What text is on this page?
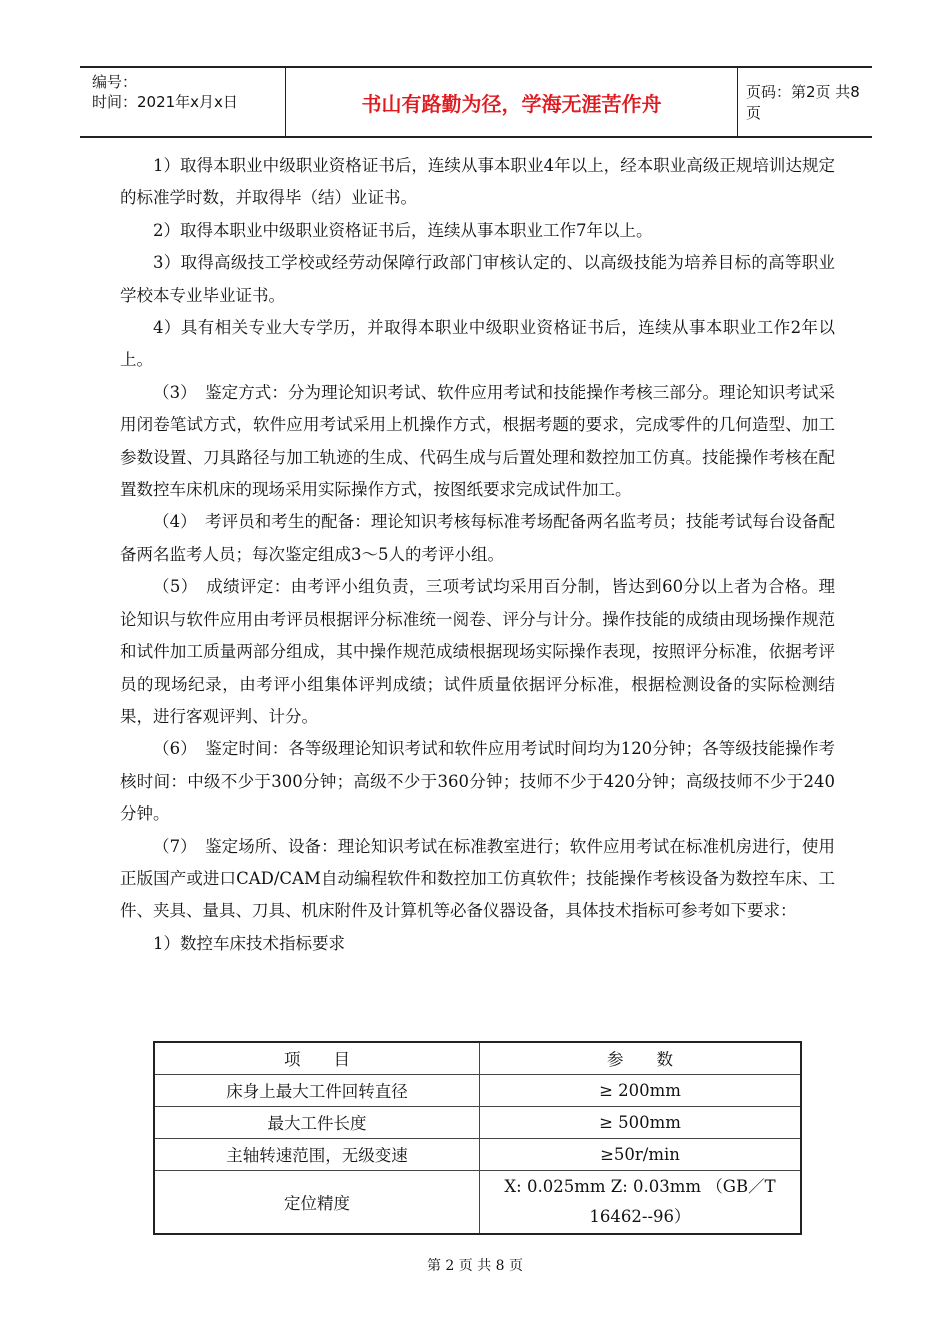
编号：
时间：2021年x月x日	书山有路勤为径，学海无涯苦作舟	页码：第2页 共8页

1）取得本职业中级职业资格证书后，连续从事本职业4年以上，经本职业高级正规培训达规定的标准学时数，并取得毕（结）业证书。

2）取得本职业中级职业资格证书后，连续从事本职业工作7年以上。

3）取得高级技工学校或经劳动保障行政部门审核认定的、以高级技能为培养目标的高等职业学校本专业毕业证书。

4）具有相关专业大专学历，并取得本职业中级职业资格证书后，连续从事本职业工作2年以上。

（3）　鉴定方式：分为理论知识考试、软件应用考试和技能操作考核三部分。理论知识考试采用闭卷笔试方式，软件应用考试采用上机操作方式，根据考题的要求，完成零件的几何造型、加工参数设置、刀具路径与加工轨迹的生成、代码生成与后置处理和数控加工仿真。技能操作考核在配置数控车床机床的现场采用实际操作方式，按图纸要求完成试件加工。

（4）　考评员和考生的配备：理论知识考核每标准考场配备两名监考员；技能考试每台设备配备两名监考人员；每次鉴定组成3～5人的考评小组。

（5）　成绩评定：由考评小组负责，三项考试均采用百分制，皆达到60分以上者为合格。理论知识与软件应用由考评员根据评分标准统一阅卷、评分与计分。操作技能的成绩由现场操作规范和试件加工质量两部分组成，其中操作规范成绩根据现场实际操作表现，按照评分标准，依据考评员的现场纪录，由考评小组集体评判成绩；试件质量依据评分标准，根据检测设备的实际检测结果，进行客观评判、计分。

（6）　鉴定时间：各等级理论知识考试和软件应用考试时间均为120分钟；各等级技能操作考核时间：中级不少于300分钟；高级不少于360分钟；技师不少于420分钟；高级技师不少于240分钟。

（7）　鉴定场所、设备：理论知识考试在标准教室进行；软件应用考试在标准机房进行，使用正版国产或进口CAD/CAM自动编程软件和数控加工仿真软件；技能操作考核设备为数控车床、工件、夹具、量具、刀具、机床附件及计算机等必备仪器设备，具体技术指标可参考如下要求：

1）数控车床技术指标要求

项　　目	参　　数
床身上最大工件回转直径	≥ 200mm
最大工件长度	≥ 500mm
主轴转速范围，无级变速	≥50r/min
定位精度	X: 0.025mm Z: 0.03mm （GB／T 16462--96）
第 2 页 共 8 页
